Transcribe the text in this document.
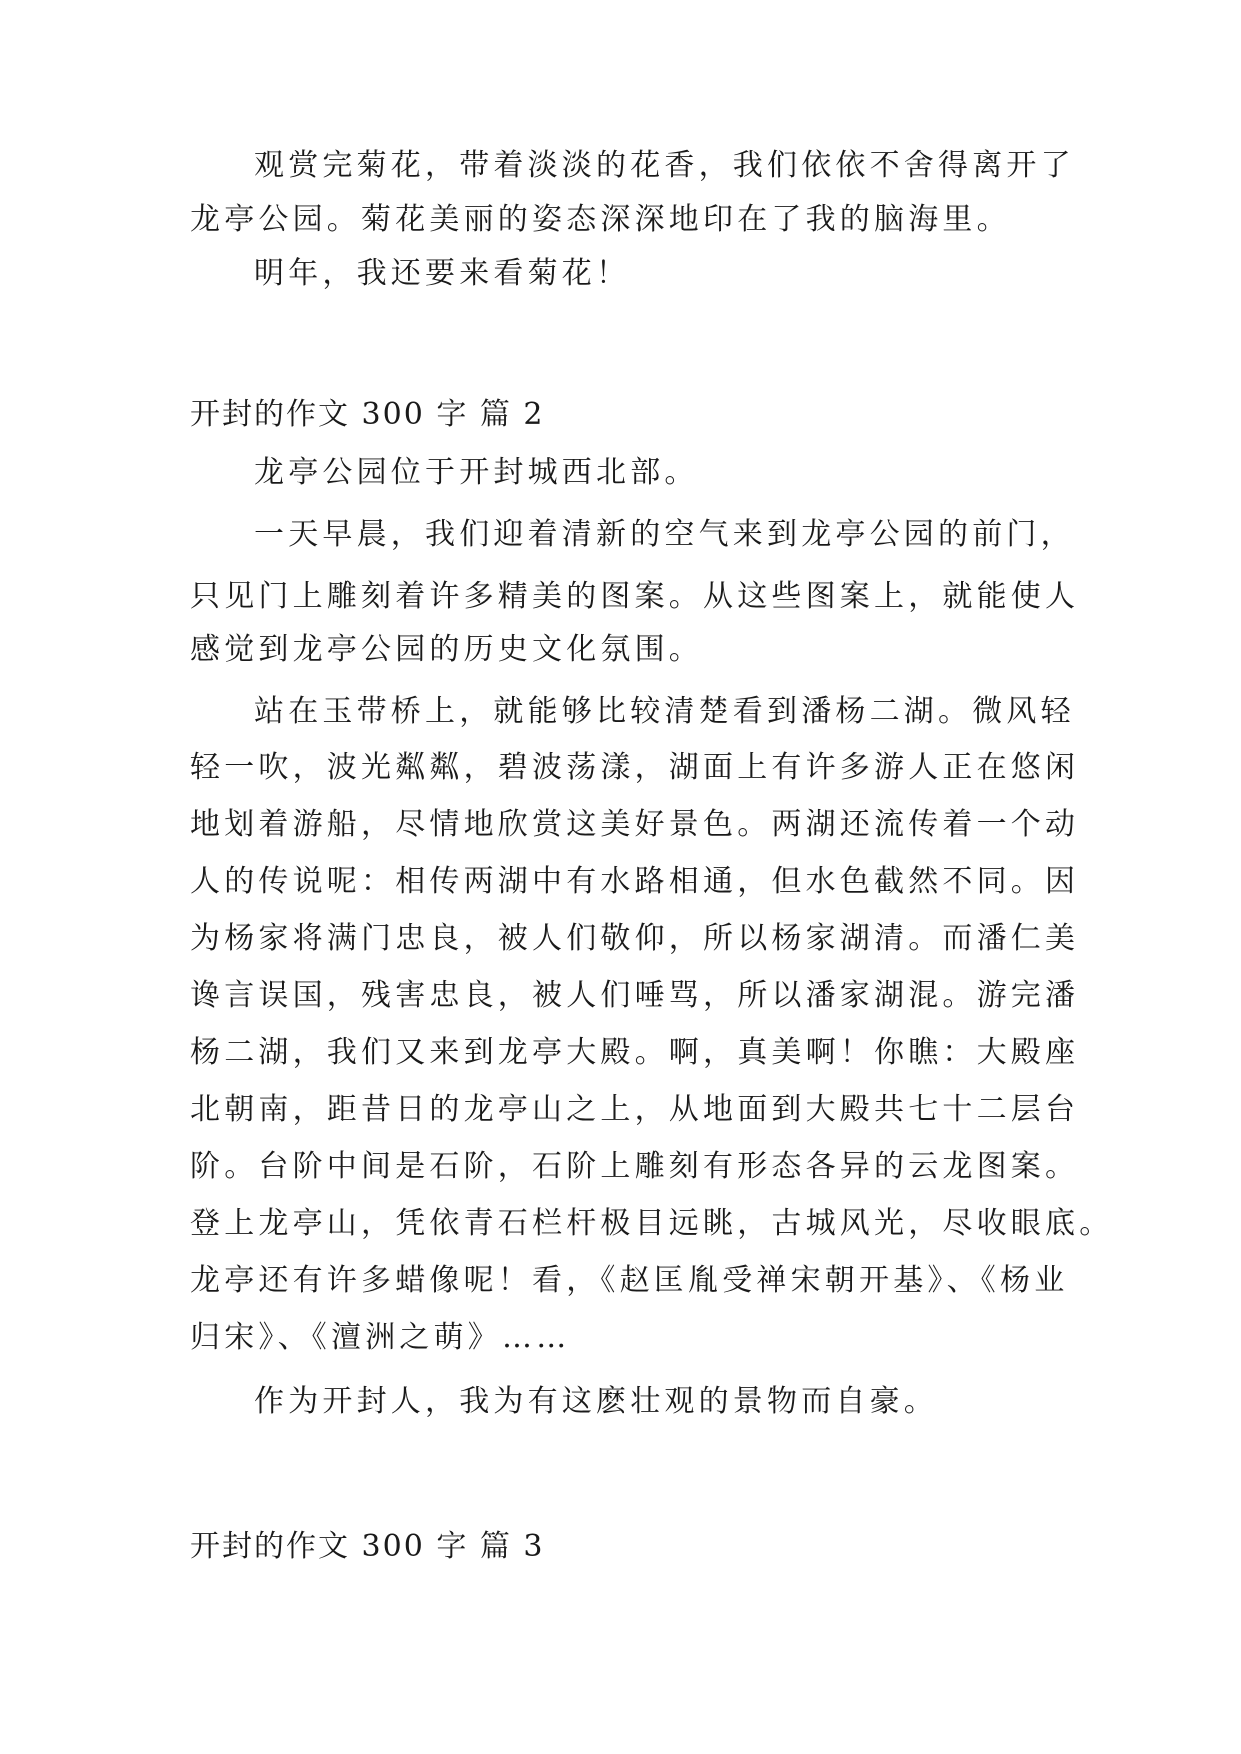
观赏完菊花，带着淡淡的花香，我们依依不舍得离开了
龙亭公园。菊花美丽的姿态深深地印在了我的脑海里。
明年，我还要来看菊花！
开封的作文 300 字 篇 2
龙亭公园位于开封城西北部。
一天早晨，我们迎着清新的空气来到龙亭公园的前门，
只见门上雕刻着许多精美的图案。从这些图案上，就能使人
感觉到龙亭公园的历史文化氛围。
站在玉带桥上，就能够比较清楚看到潘杨二湖。微风轻
轻一吹，波光粼粼，碧波荡漾，湖面上有许多游人正在悠闲
地划着游船，尽情地欣赏这美好景色。两湖还流传着一个动
人的传说呢：相传两湖中有水路相通，但水色截然不同。因
为杨家将满门忠良，被人们敬仰，所以杨家湖清。而潘仁美
谗言误国，残害忠良，被人们唾骂，所以潘家湖混。游完潘
杨二湖，我们又来到龙亭大殿。啊，真美啊！你瞧：大殿座
北朝南，距昔日的龙亭山之上，从地面到大殿共七十二层台
阶。台阶中间是石阶，石阶上雕刻有形态各异的云龙图案。
登上龙亭山，凭依青石栏杆极目远眺，古城风光，尽收眼底。
龙亭还有许多蜡像呢！看，《赵匡胤受禅宋朝开基》、《杨业
归宋》、《澶洲之萌》……
作为开封人，我为有这麽壮观的景物而自豪。
开封的作文 300 字 篇 3
